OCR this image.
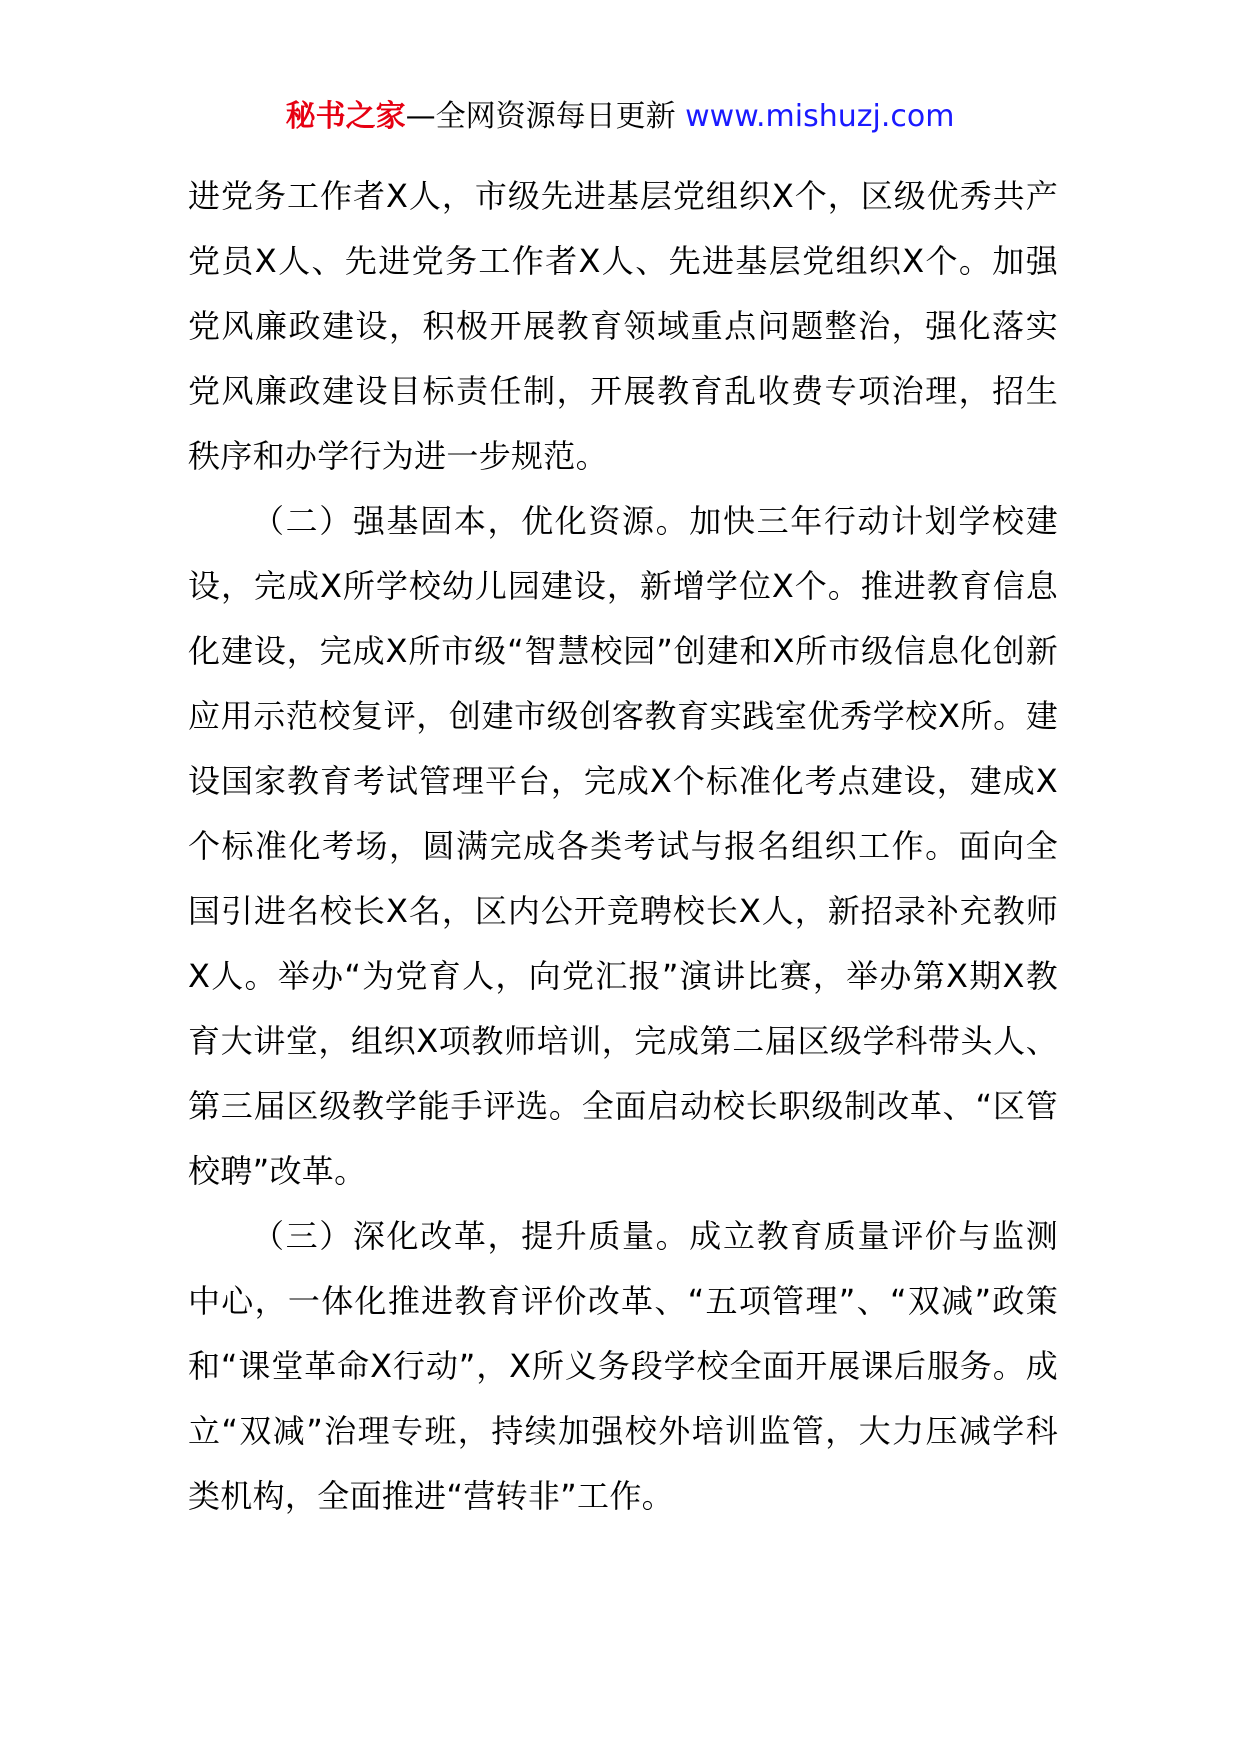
秘书之家—全网资源每日更新 www.mishuzj.com

进党务工作者X人，市级先进基层党组织X个，区级优秀共产党员X人、先进党务工作者X人、先进基层党组织X个。加强党风廉政建设，积极开展教育领域重点问题整治，强化落实党风廉政建设目标责任制，开展教育乱收费专项治理，招生秩序和办学行为进一步规范。

（二）强基固本，优化资源。加快三年行动计划学校建设，完成X所学校幼儿园建设，新增学位X个。推进教育信息化建设，完成X所市级“智慧校园”创建和X所市级信息化创新应用示范校复评，创建市级创客教育实践室优秀学校X所。建设国家教育考试管理平台，完成X个标准化考点建设，建成X个标准化考场，圆满完成各类考试与报名组织工作。面向全国引进名校长X名，区内公开竞聘校长X人，新招录补充教师X人。举办“为党育人，向党汇报”演讲比赛，举办第X期X教育大讲堂，组织X项教师培训，完成第二届区级学科带头人、第三届区级教学能手评选。全面启动校长职级制改革、“区管校聘”改革。

（三）深化改革，提升质量。成立教育质量评价与监测中心，一体化推进教育评价改革、“五项管理”、“双减”政策和“课堂革命X行动”，X所义务段学校全面开展课后服务。成立“双减”治理专班，持续加强校外培训监管，大力压减学科类机构，全面推进“营转非”工作。
